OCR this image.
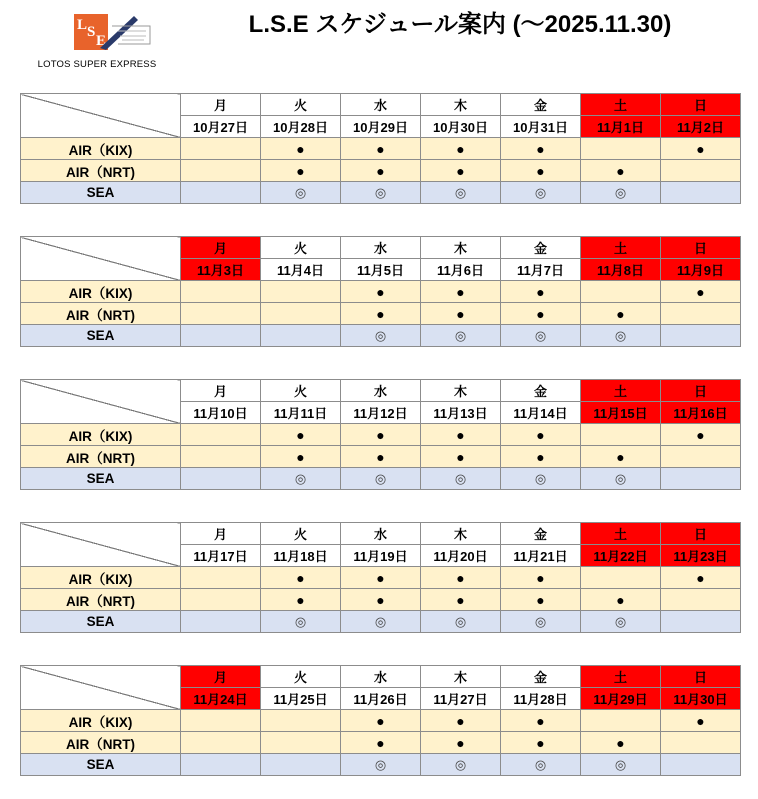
L S
E
LOTOS SUPER EXPRESS
L.S.E スケジュール案内 (～2025.11.30)
	月	火	水	木	金	土	日
	10月27日	10月28日	10月29日	10月30日	10月31日	11月1日	11月2日
AIR（KIX)		●	●	●	●		●
AIR（NRT)		●	●	●	●	●	
SEA		◎	◎	◎	◎	◎	
	月	火	水	木	金	土	日
	11月3日	11月4日	11月5日	11月6日	11月7日	11月8日	11月9日
AIR（KIX)			●	●	●		●
AIR（NRT)			●	●	●	●	
SEA			◎	◎	◎	◎	
	月	火	水	木	金	土	日
	11月10日	11月11日	11月12日	11月13日	11月14日	11月15日	11月16日
AIR（KIX)		●	●	●	●		●
AIR（NRT)		●	●	●	●	●	
SEA		◎	◎	◎	◎	◎	
	月	火	水	木	金	土	日
	11月17日	11月18日	11月19日	11月20日	11月21日	11月22日	11月23日
AIR（KIX)		●	●	●	●		●
AIR（NRT)		●	●	●	●	●	
SEA		◎	◎	◎	◎	◎	
	月	火	水	木	金	土	日
	11月24日	11月25日	11月26日	11月27日	11月28日	11月29日	11月30日
AIR（KIX)			●	●	●		●
AIR（NRT)			●	●	●	●	
SEA			◎	◎	◎	◎	
